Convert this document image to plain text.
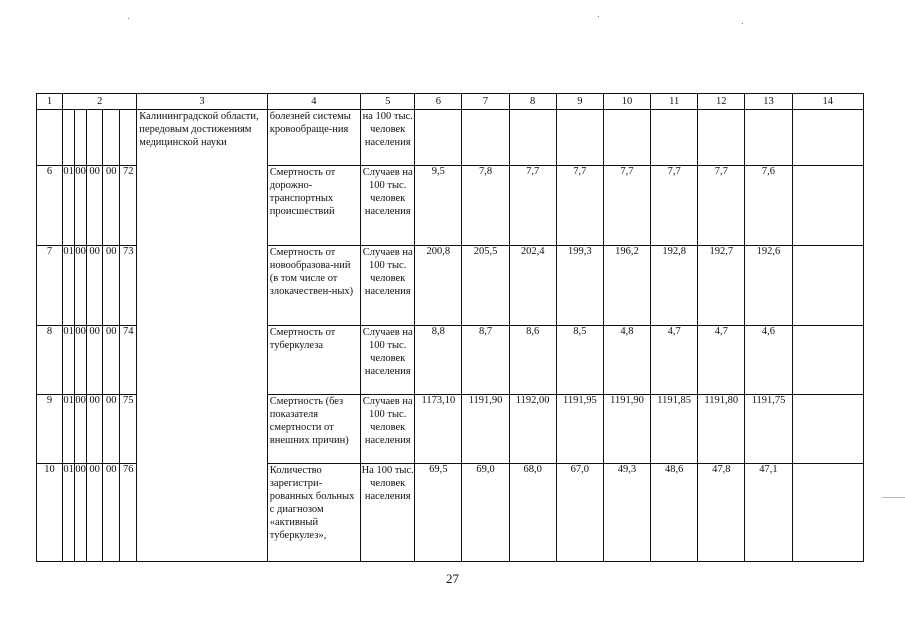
1	2					3	4	5	6	7	8	9	10	11	12	13	14
						Калининградской области, передовым достижениям медицинской науки	болезней системы кровообраще-ния	на 100 тыс. человек населения									
6	01	00	00	00	72		Смертность от дорожно-транспортных происшествий	Случаев на 100 тыс. человек населения	9,5	7,8	7,7	7,7	7,7	7,7	7,7	7,6	
7	01	00	00	00	73		Смертность от новообразова-ний (в том числе от злокачествен-ных)	Случаев на 100 тыс. человек населения	200,8	205,5	202,4	199,3	196,2	192,8	192,7	192,6	
8	01	00	00	00	74		Смертность от туберкулеза	Случаев на 100 тыс. человек населения	8,8	8,7	8,6	8,5	4,8	4,7	4,7	4,6	
9	01	00	00	00	75		Смертность (без показателя смертности от внешних причин)	Случаев на 100 тыс. человек населения	1173,10	1191,90	1192,00	1191,95	1191,90	1191,85	1191,80	1191,75	
10	01	00	00	00	76		Количество зарегистри-рованных больных с диагнозом «активный туберкулез»,	На 100 тыс. человек населения	69,5	69,0	68,0	67,0	49,3	48,6	47,8	47,1	
27
